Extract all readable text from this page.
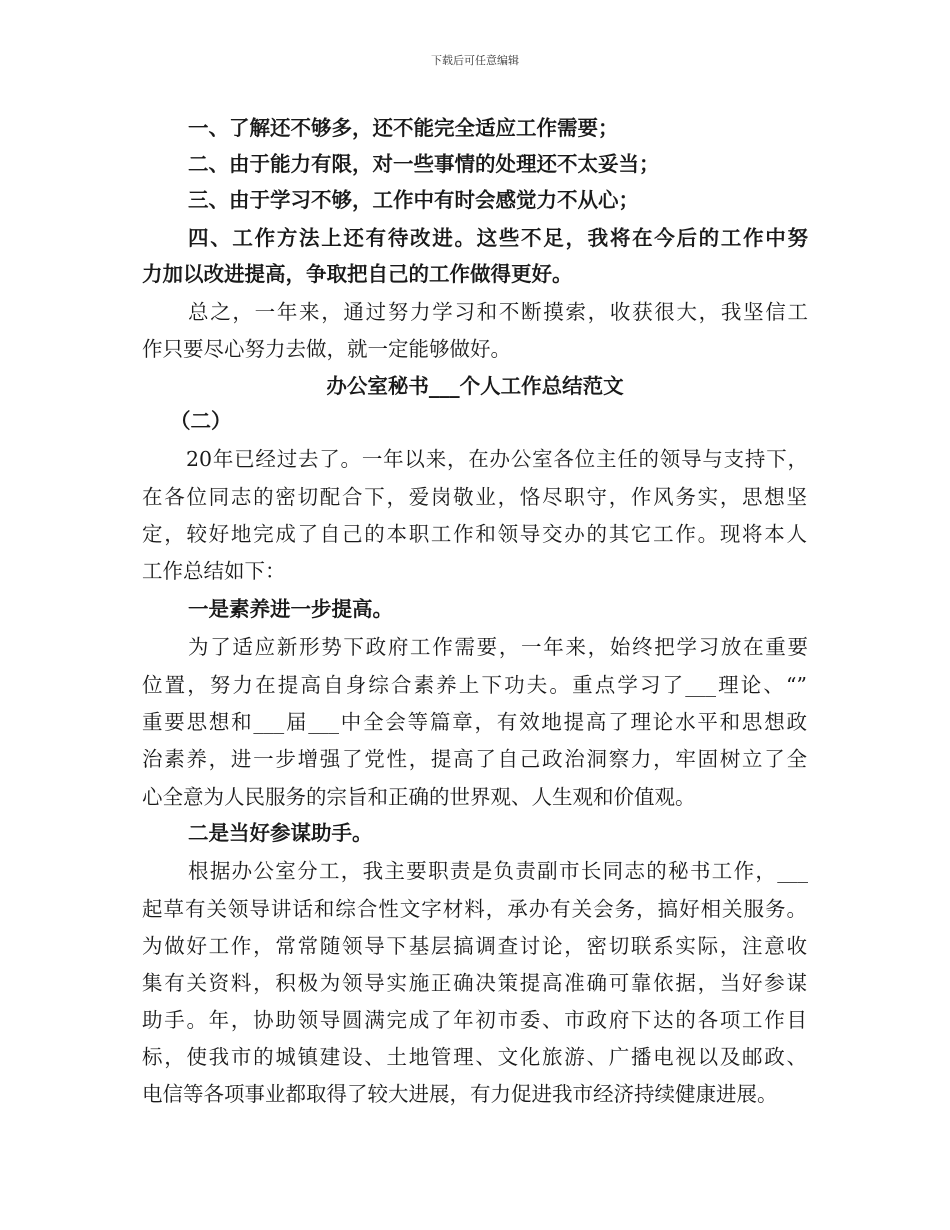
下载后可任意编辑
一、了解还不够多，还不能完全适应工作需要；
二、由于能力有限，对一些事情的处理还不太妥当；
三、由于学习不够，工作中有时会感觉力不从心；
四、工作方法上还有待改进。这些不足，我将在今后的工作中努
力加以改进提高，争取把自己的工作做得更好。
总之，一年来，通过努力学习和不断摸索，收获很大，我坚信工
作只要尽心努力去做，就一定能够做好。
办公室秘书___个人工作总结范文
（二）
20年已经过去了。一年以来，在办公室各位主任的领导与支持下，
在各位同志的密切配合下，爱岗敬业，恪尽职守，作风务实，思想坚
定，较好地完成了自己的本职工作和领导交办的其它工作。现将本人
工作总结如下：
一是素养进一步提高。
为了适应新形势下政府工作需要，一年来，始终把学习放在重要
位置，努力在提高自身综合素养上下功夫。重点学习了___理论、“”
重要思想和___届___中全会等篇章，有效地提高了理论水平和思想政
治素养，进一步增强了党性，提高了自己政治洞察力，牢固树立了全
心全意为人民服务的宗旨和正确的世界观、人生观和价值观。
二是当好参谋助手。
根据办公室分工，我主要职责是负责副市长同志的秘书工作，___
起草有关领导讲话和综合性文字材料，承办有关会务，搞好相关服务。
为做好工作，常常随领导下基层搞调查讨论，密切联系实际，注意收
集有关资料，积极为领导实施正确决策提高准确可靠依据，当好参谋
助手。年，协助领导圆满完成了年初市委、市政府下达的各项工作目
标，使我市的城镇建设、土地管理、文化旅游、广播电视以及邮政、
电信等各项事业都取得了较大进展，有力促进我市经济持续健康进展。
